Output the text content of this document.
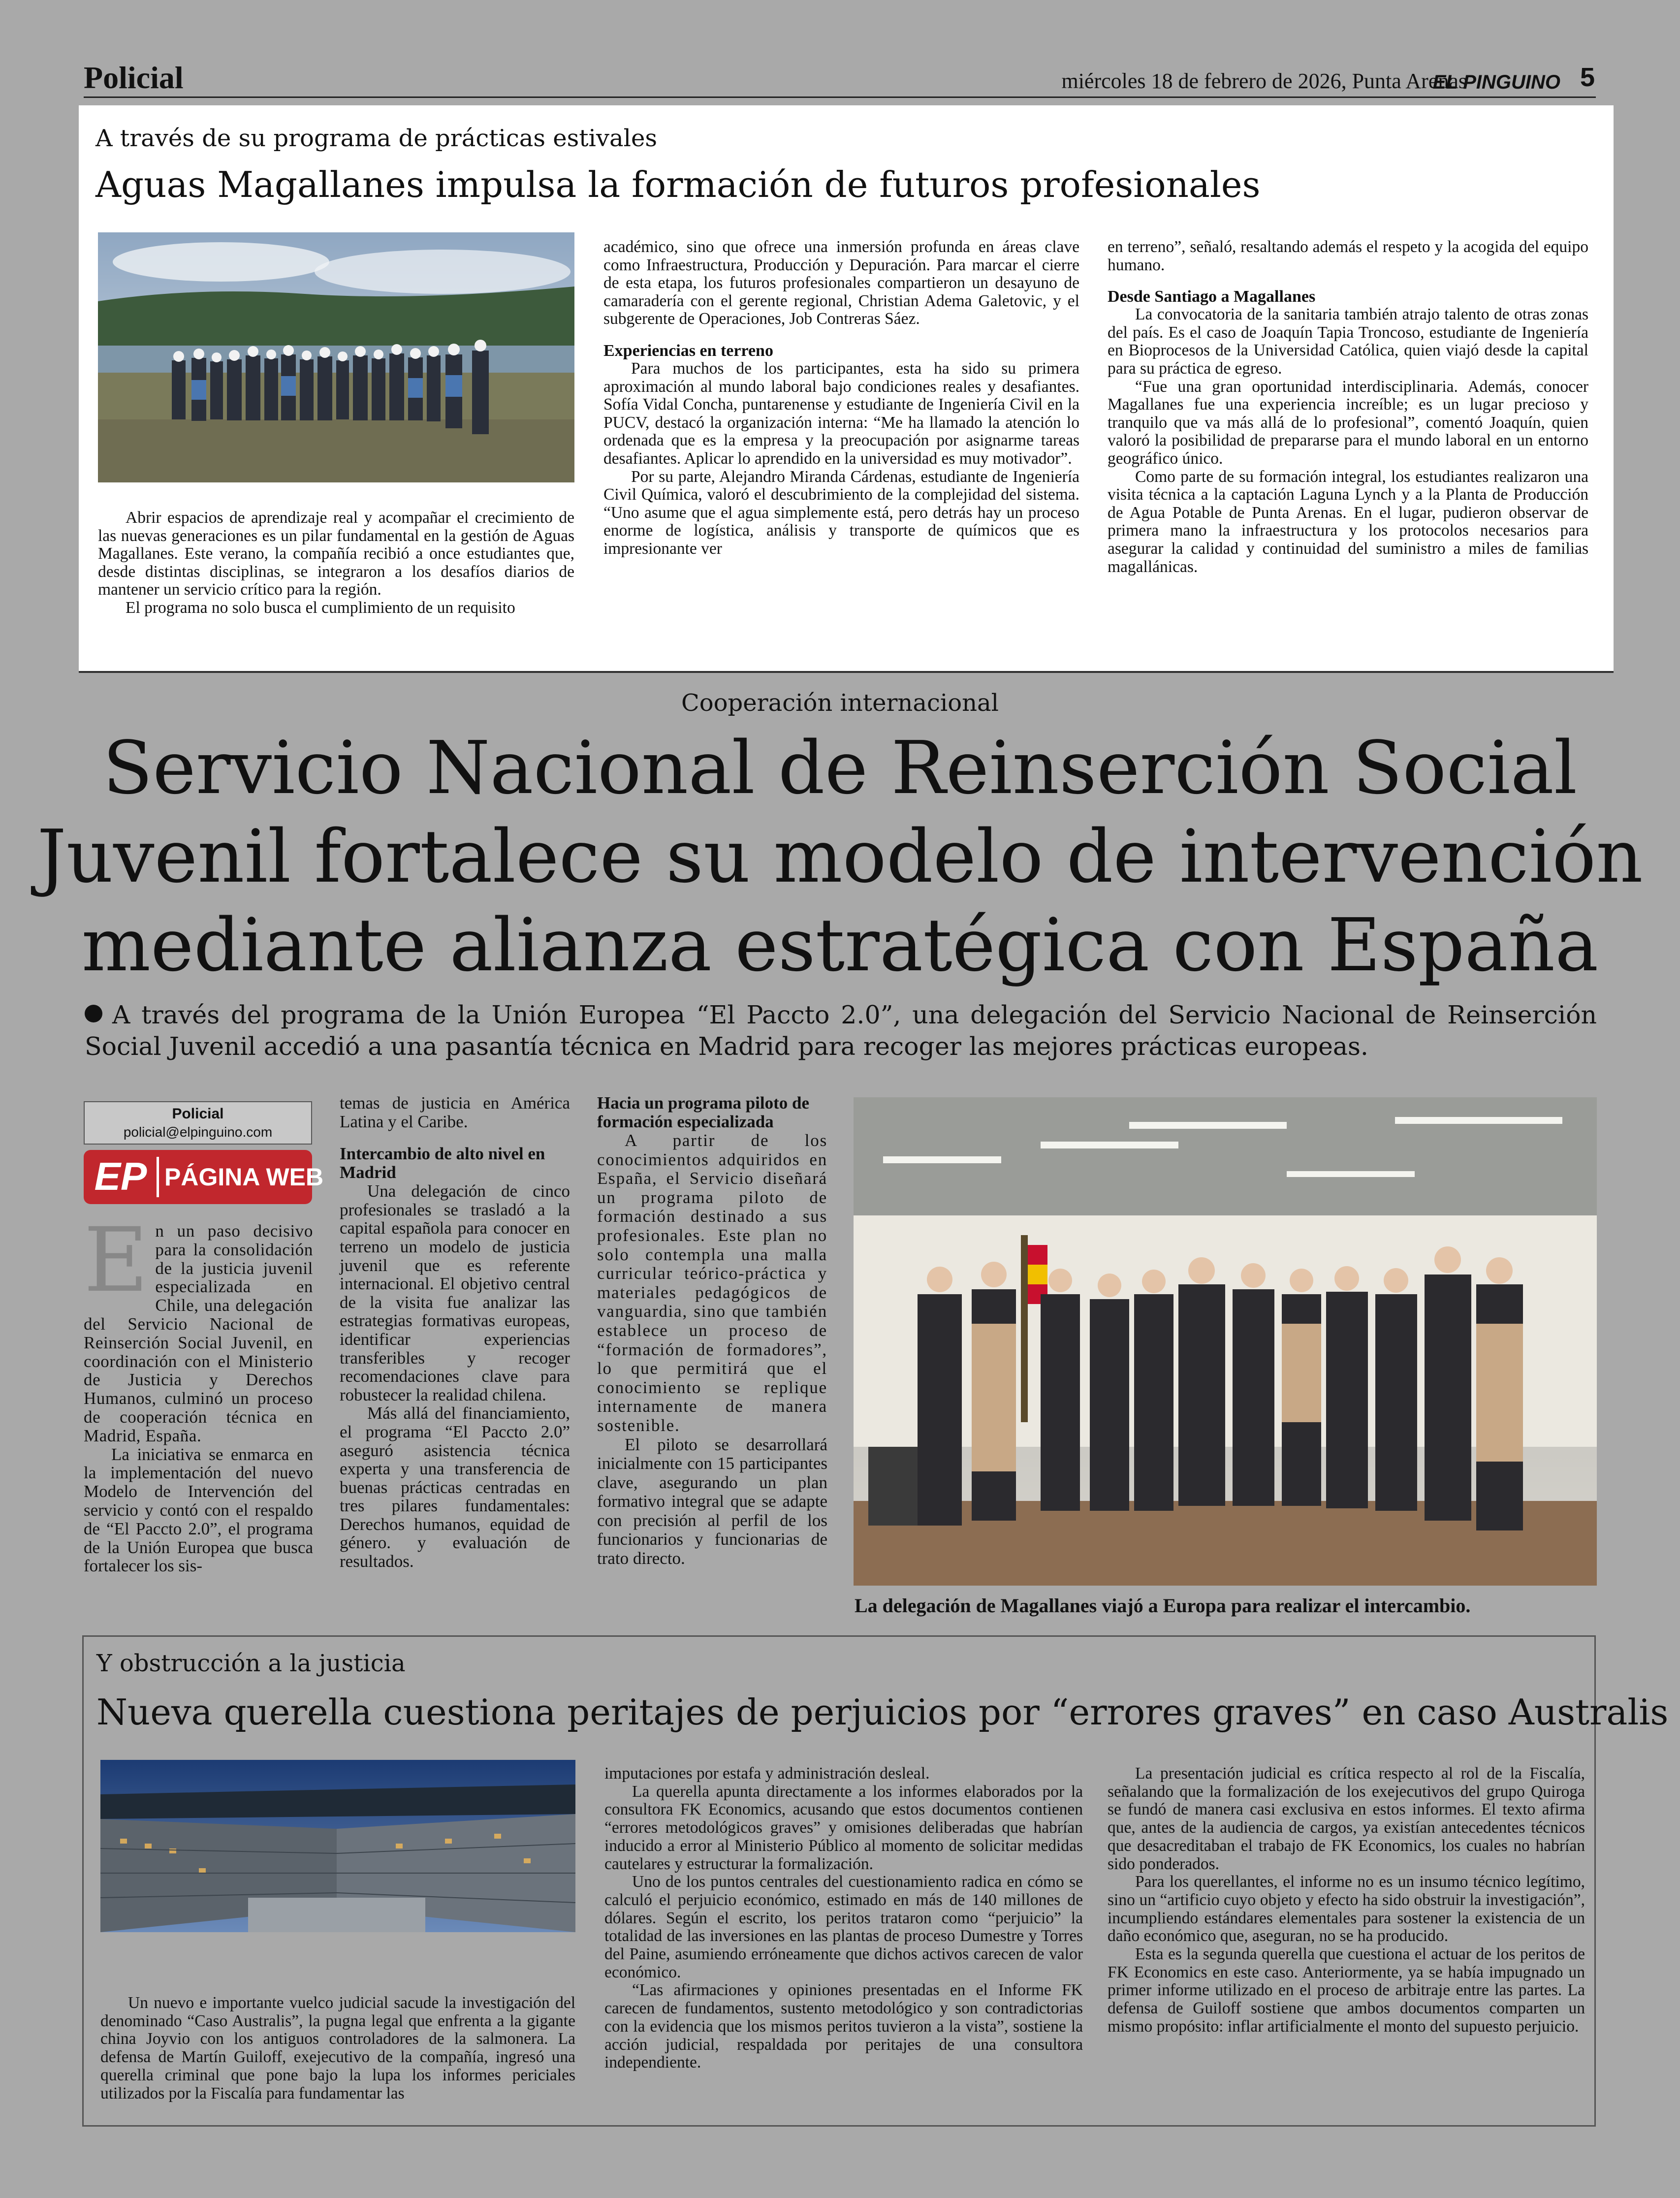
Policial	miércoles 18 de febrero de 2026, Punta Arenas
EL PINGUINO 5
A través de su programa de prácticas estivales
Aguas Magallanes impulsa la formación de futuros profesionales

Abrir espacios de aprendizaje real y acompañar el crecimiento de las nuevas generaciones es un pilar fundamental en la gestión de Aguas Magallanes. Este verano, la compañía recibió a once estudiantes que, desde distintas disciplinas, se integraron a los desafíos diarios de mantener un servicio crítico para la región.

El programa no solo busca el cumplimiento de un requisito

académico, sino que ofrece una inmersión profunda en áreas clave como Infraestructura, Producción y Depuración. Para marcar el cierre de esta etapa, los futuros profesionales compartieron un desayuno de camaradería con el gerente regional, Christian Adema Galetovic, y el subgerente de Operaciones, Job Contreras Sáez.

Experiencias en terreno

Para muchos de los participantes, esta ha sido su primera aproximación al mundo laboral bajo condiciones reales y desafiantes. Sofía Vidal Concha, puntarenense y estudiante de Ingeniería Civil en la PUCV, destacó la organización interna: “Me ha llamado la atención lo ordenada que es la empresa y la preocupación por asignarme tareas desafiantes. Aplicar lo aprendido en la universidad es muy motivador”.

Por su parte, Alejandro Miranda Cárdenas, estudiante de Ingeniería Civil Química, valoró el descubrimiento de la complejidad del sistema. “Uno asume que el agua simplemente está, pero detrás hay un proceso enorme de logística, análisis y transporte de químicos que es impresionante ver

en terreno”, señaló, resaltando además el respeto y la acogida del equipo humano.

Desde Santiago a Magallanes

La convocatoria de la sanitaria también atrajo talento de otras zonas del país. Es el caso de Joaquín Tapia Troncoso, estudiante de Ingeniería en Bioprocesos de la Universidad Católica, quien viajó desde la capital para su práctica de egreso.

“Fue una gran oportunidad interdisciplinaria. Además, conocer Magallanes fue una experiencia increíble; es un lugar precioso y tranquilo que va más allá de lo profesional”, comentó Joaquín, quien valoró la posibilidad de prepararse para el mundo laboral en un entorno geográfico único.

Como parte de su formación integral, los estudiantes realizaron una visita técnica a la captación Laguna Lynch y a la Planta de Producción de Agua Potable de Punta Arenas. En el lugar, pudieron observar de primera mano la infraestructura y los protocolos necesarios para asegurar la calidad y continuidad del suministro a miles de familias magallánicas.

Cooperación internacional
Servicio Nacional de Reinserción Social
Juvenil fortalece su modelo de intervención
mediante alianza estratégica con España
A través del programa de la Unión Europea “El Paccto 2.0”, una delegación del Servicio Nacional de Reinserción Social Juvenil accedió a una pasantía técnica en Madrid para recoger las mejores prácticas europeas.
Policial
policial@elpinguino.com
EP PÁGINA WEB
E n un paso decisivo para la consolidación de la justicia juvenil especializada en Chile, una delegación del Servicio Nacional de Reinserción Social Juvenil, en coordinación con el Ministerio de Justicia y Derechos Humanos, culminó un proceso de cooperación técnica en Madrid, España.

La iniciativa se enmarca en la implementación del nuevo Modelo de Intervención del servicio y contó con el respaldo de “El Paccto 2.0”, el programa de la Unión Europea que busca fortalecer los sis-

temas de justicia en América Latina y el Caribe.

Intercambio de alto nivel en Madrid

Una delegación de cinco profesionales se trasladó a la capital española para conocer en terreno un modelo de justicia juvenil que es referente internacional. El objetivo central de la visita fue analizar las estrategias formativas europeas, identificar experiencias transferibles y recoger recomendaciones clave para robustecer la realidad chilena.

Más allá del financiamiento, el programa “El Paccto 2.0” aseguró asistencia técnica experta y una transferencia de buenas prácticas centradas en tres pilares fundamentales: Derechos humanos, equidad de género. y evaluación de resultados.

Hacia un programa piloto de formación especializada

A partir de los conocimientos adquiridos en España, el Servicio diseñará un programa piloto de formación destinado a sus profesionales. Este plan no solo contempla una malla curricular teórico-práctica y materiales pedagógicos de vanguardia, sino que también establece un proceso de “formación de formadores”, lo que permitirá que el conocimiento se replique internamente de manera sostenible.

El piloto se desarrollará inicialmente con 15 participantes clave, asegurando un plan formativo integral que se adapte con precisión al perfil de los funcionarios y funcionarias de trato directo.

La delegación de Magallanes viajó a Europa para realizar el intercambio.
Y obstrucción a la justicia
Nueva querella cuestiona peritajes de perjuicios por “errores graves” en caso Australis

Un nuevo e importante vuelco judicial sacude la investigación del denominado “Caso Australis”, la pugna legal que enfrenta a la gigante china Joyvio con los antiguos controladores de la salmonera. La defensa de Martín Guiloff, exejecutivo de la compañía, ingresó una querella criminal que pone bajo la lupa los informes periciales utilizados por la Fiscalía para fundamentar las

imputaciones por estafa y administración desleal.

La querella apunta directamente a los informes elaborados por la consultora FK Economics, acusando que estos documentos contienen “errores metodológicos graves” y omisiones deliberadas que habrían inducido a error al Ministerio Público al momento de solicitar medidas cautelares y estructurar la formalización.

Uno de los puntos centrales del cuestionamiento radica en cómo se calculó el perjuicio económico, estimado en más de 140 millones de dólares. Según el escrito, los peritos trataron como “perjuicio” la totalidad de las inversiones en las plantas de proceso Dumestre y Torres del Paine, asumiendo erróneamente que dichos activos carecen de valor económico.

“Las afirmaciones y opiniones presentadas en el Informe FK carecen de fundamentos, sustento metodológico y son contradictorias con la evidencia que los mismos peritos tuvieron a la vista”, sostiene la acción judicial, respaldada por peritajes de una consultora independiente.

La presentación judicial es crítica respecto al rol de la Fiscalía, señalando que la formalización de los exejecutivos del grupo Quiroga se fundó de manera casi exclusiva en estos informes. El texto afirma que, antes de la audiencia de cargos, ya existían antecedentes técnicos que desacreditaban el trabajo de FK Economics, los cuales no habrían sido ponderados.

Para los querellantes, el informe no es un insumo técnico legítimo, sino un “artificio cuyo objeto y efecto ha sido obstruir la investigación”, incumpliendo estándares elementales para sostener la existencia de un daño económico que, aseguran, no se ha producido.

Esta es la segunda querella que cuestiona el actuar de los peritos de FK Economics en este caso. Anteriormente, ya se había impugnado un primer informe utilizado en el proceso de arbitraje entre las partes. La defensa de Guiloff sostiene que ambos documentos comparten un mismo propósito: inflar artificialmente el monto del supuesto perjuicio.
